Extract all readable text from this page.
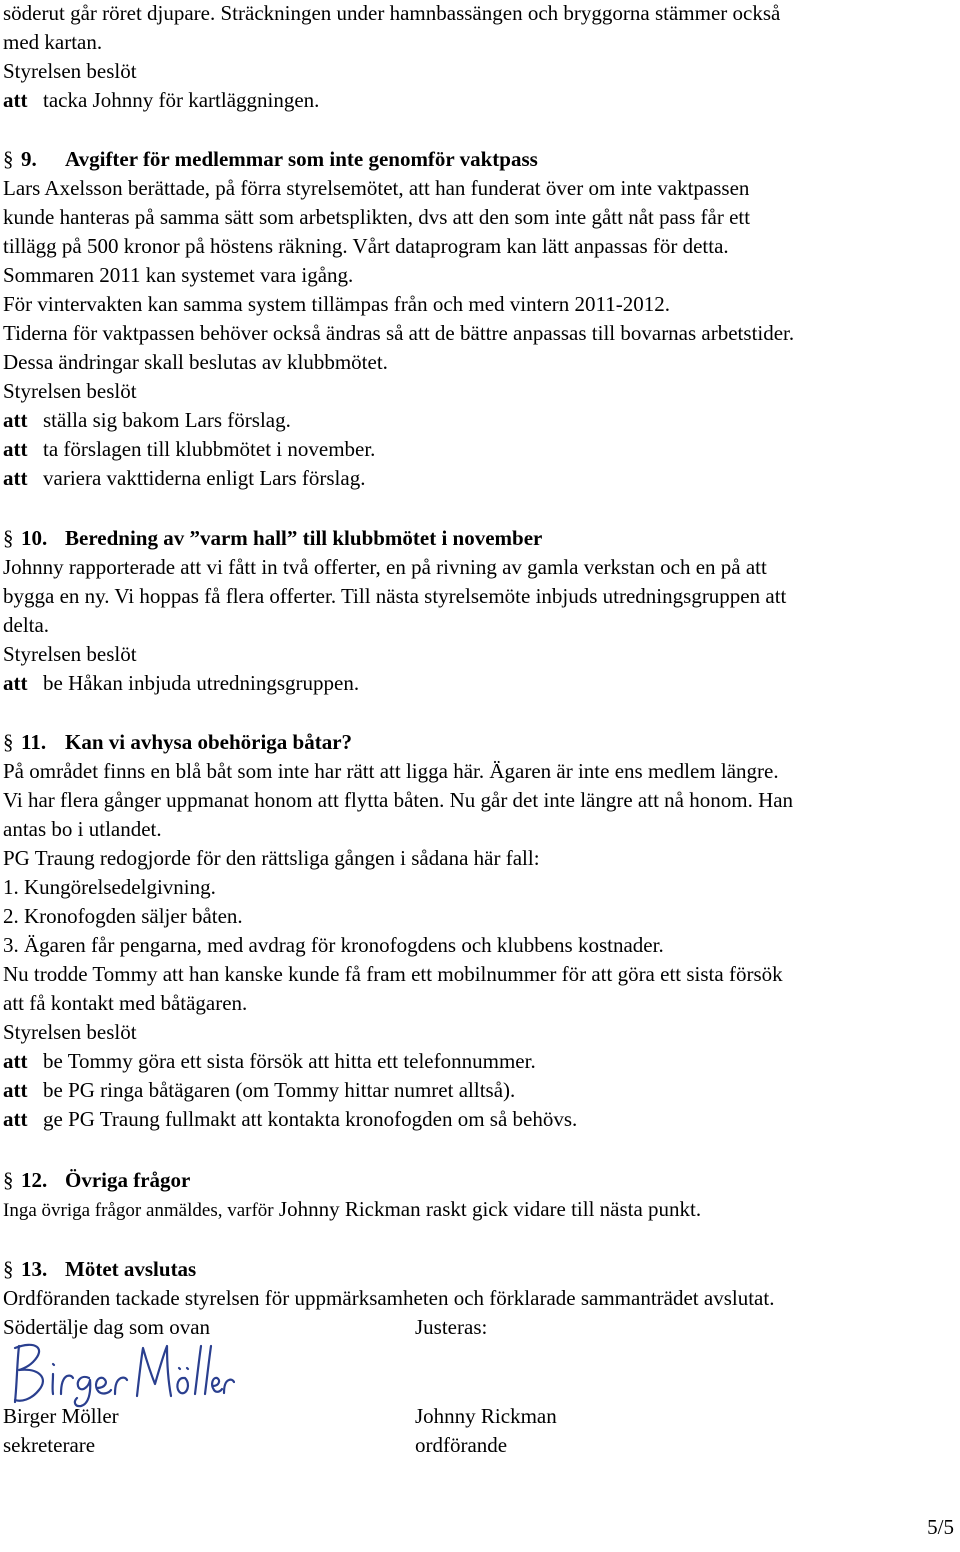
söderut går röret djupare. Sträckningen under hamnbassängen och bryggorna stämmer också
med kartan.
Styrelsen beslöt
att tacka Johnny för kartläggningen.
§ 9. Avgifter för medlemmar som inte genomför vaktpass
Lars Axelsson berättade, på förra styrelsemötet, att han funderat över om inte vaktpassen
kunde hanteras på samma sätt som arbetsplikten, dvs att den som inte gått nåt pass får ett
tillägg på 500 kronor på höstens räkning. Vårt dataprogram kan lätt anpassas för detta.
Sommaren 2011 kan systemet vara igång.
För vintervakten kan samma system tillämpas från och med vintern 2011-2012.
Tiderna för vaktpassen behöver också ändras så att de bättre anpassas till bovarnas arbetstider.
Dessa ändringar skall beslutas av klubbmötet.
Styrelsen beslöt
att ställa sig bakom Lars förslag.
att ta förslagen till klubbmötet i november.
att variera vakttiderna enligt Lars förslag.
§ 10. Beredning av ”varm hall” till klubbmötet i november
Johnny rapporterade att vi fått in två offerter, en på rivning av gamla verkstan och en på att
bygga en ny. Vi hoppas få flera offerter. Till nästa styrelsemöte inbjuds utredningsgruppen att
delta.
Styrelsen beslöt
att be Håkan inbjuda utredningsgruppen.
§ 11. Kan vi avhysa obehöriga båtar?
På området finns en blå båt som inte har rätt att ligga här. Ägaren är inte ens medlem längre.
Vi har flera gånger uppmanat honom att flytta båten. Nu går det inte längre att nå honom. Han
antas bo i utlandet.
PG Traung redogjorde för den rättsliga gången i sådana här fall:
1. Kungörelsedelgivning.
2. Kronofogden säljer båten.
3. Ägaren får pengarna, med avdrag för kronofogdens och klubbens kostnader.
Nu trodde Tommy att han kanske kunde få fram ett mobilnummer för att göra ett sista försök
att få kontakt med båtägaren.
Styrelsen beslöt
att be Tommy göra ett sista försök att hitta ett telefonnummer.
att be PG ringa båtägaren (om Tommy hittar numret alltså).
att ge PG Traung fullmakt att kontakta kronofogden om så behövs.
§ 12. Övriga frågor
Inga övriga frågor anmäldes, varför Johnny Rickman raskt gick vidare till nästa punkt.
§ 13. Mötet avslutas
Ordföranden tackade styrelsen för uppmärksamheten och förklarade sammanträdet avslutat.
Södertälje dag som ovan	Justeras:
Birger Möller	Johnny Rickman
sekreterare	ordförande
5/5
